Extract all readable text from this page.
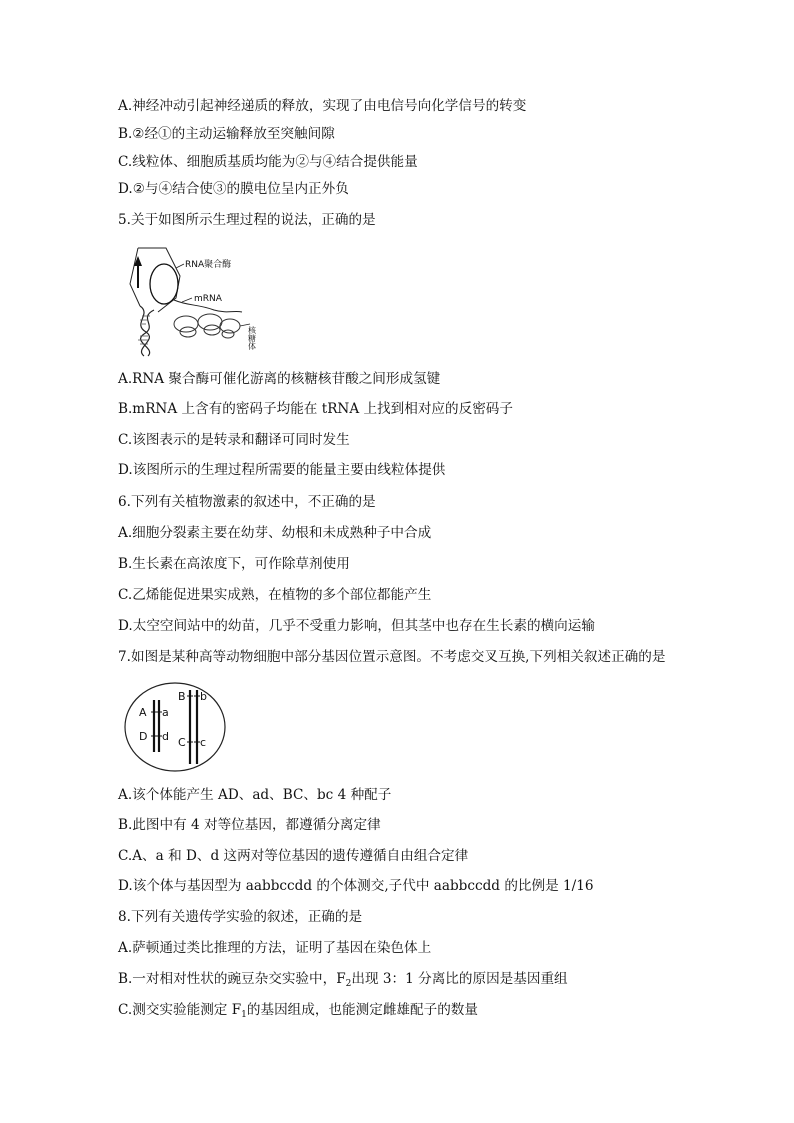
A.神经冲动引起神经递质的释放，实现了由电信号向化学信号的转变
B.②经①的主动运输释放至突触间隙
C.线粒体、细胞质基质均能为②与④结合提供能量
D.②与④结合使③的膜电位呈内正外负
5.关于如图所示生理过程的说法，正确的是
RNA聚合酶
mRNA
核糖体
A.RNA 聚合酶可催化游离的核糖核苷酸之间形成氢键
B.mRNA 上含有的密码子均能在 tRNA 上找到相对应的反密码子
C.该图表示的是转录和翻译可同时发生
D.该图所示的生理过程所需要的能量主要由线粒体提供
6.下列有关植物激素的叙述中，不正确的是
A.细胞分裂素主要在幼芽、幼根和未成熟种子中合成
B.生长素在高浓度下，可作除草剂使用
C.乙烯能促进果实成熟，在植物的多个部位都能产生
D.太空空间站中的幼苗，几乎不受重力影响，但其茎中也存在生长素的横向运输
7.如图是某种高等动物细胞中部分基因位置示意图。不考虑交叉互换,下列相关叙述正确的是
A a
D d
B b
C c
A.该个体能产生 AD、ad、BC、bc 4 种配子
B.此图中有 4 对等位基因，都遵循分离定律
C.A、a 和 D、d 这两对等位基因的遗传遵循自由组合定律
D.该个体与基因型为 aabbccdd 的个体测交,子代中 aabbccdd 的比例是 1/16
8.下列有关遗传学实验的叙述，正确的是
A.萨顿通过类比推理的方法，证明了基因在染色体上
B.一对相对性状的豌豆杂交实验中，$F_2$出现 3：1 分离比的原因是基因重组
C.测交实验能测定 $F_1$的基因组成，也能测定雌雄配子的数量
